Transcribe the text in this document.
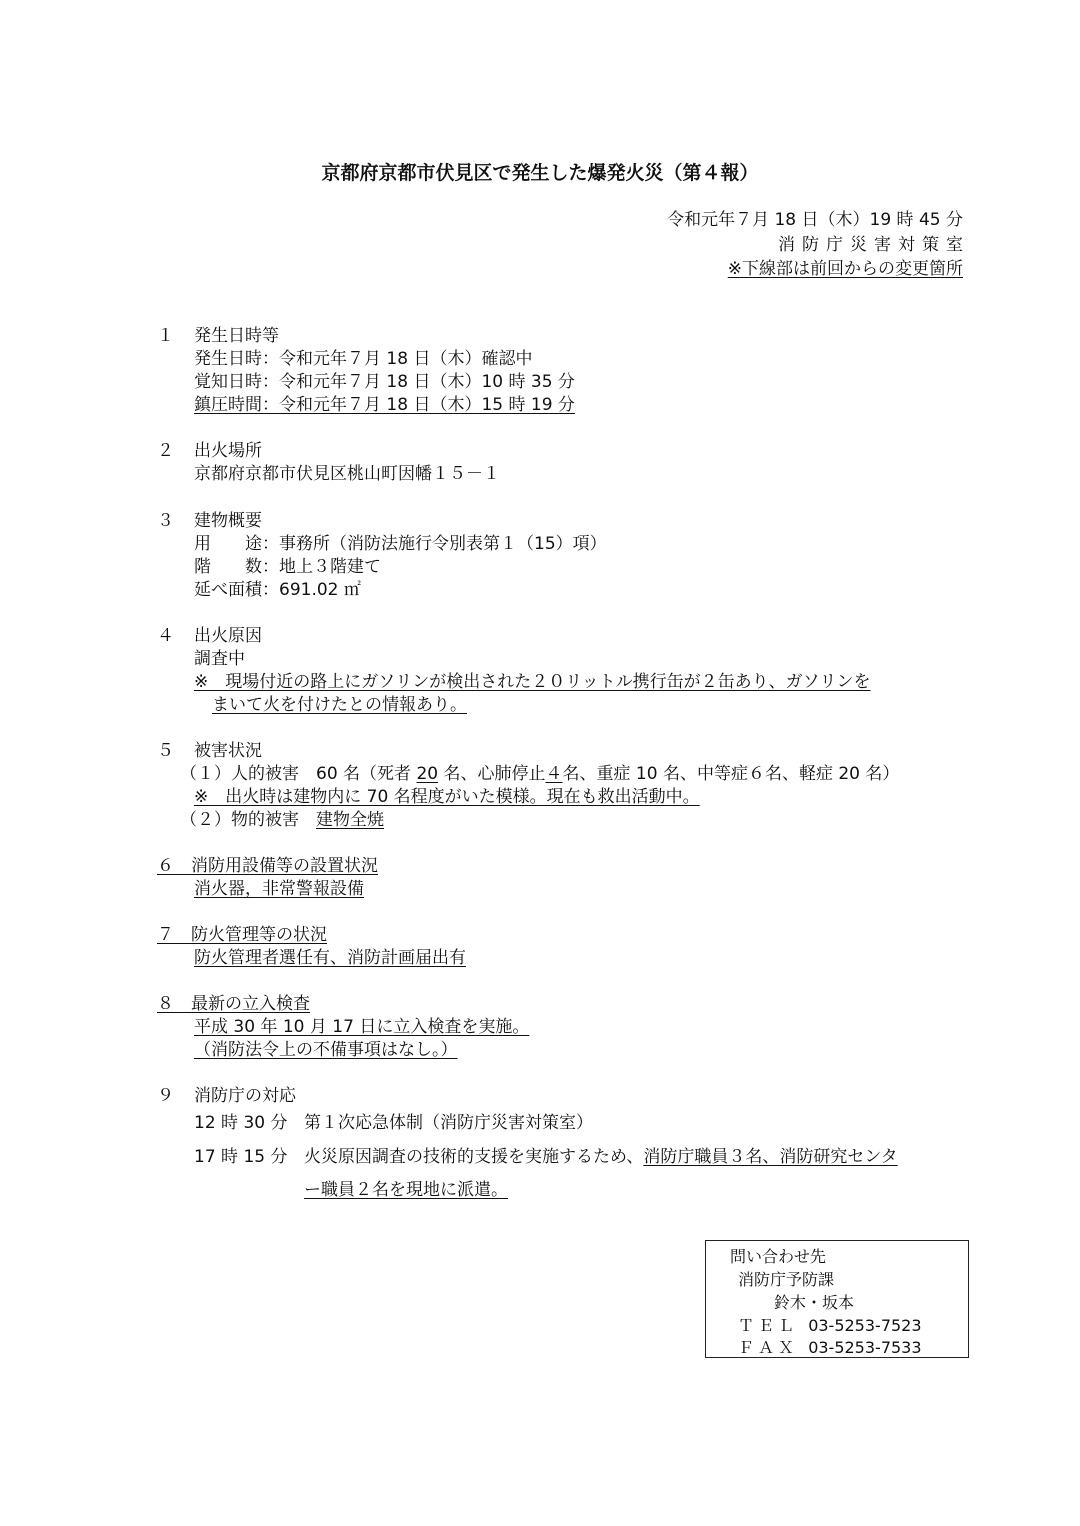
京都府京都市伏見区で発生した爆発火災（第４報）
令和元年７月 18 日（木）19 時 45 分
消防庁災害対策室
※下線部は前回からの変更箇所
１ 発生日時等
発生日時：令和元年７月 18 日（木）確認中
覚知日時：令和元年７月 18 日（木）10 時 35 分
鎮圧時間：令和元年７月 18 日（木）15 時 19 分
２ 出火場所
京都府京都市伏見区桃山町因幡１５－１
３ 建物概要
用　　途：事務所（消防法施行令別表第１（15）項）
階　　数：地上３階建て
延べ面積：691.02 ㎡
４ 出火原因
調査中
※　現場付近の路上にガソリンが検出された２０リットル携行缶が２缶あり、ガソリンを
まいて火を付けたとの情報あり。
５ 被害状況
（１）人的被害　60 名（死者 20 名、心肺停止４名、重症 10 名、中等症６名、軽症 20 名）
※　出火時は建物内に 70 名程度がいた模様。現在も救出活動中。
（２）物的被害　建物全焼
６　 消防用設備等の設置状況
消火器，非常警報設備
７　 防火管理等の状況
防火管理者選任有、消防計画届出有
８　 最新の立入検査
平成 30 年 10 月 17 日に立入検査を実施。
（消防法令上の不備事項はなし。）
９ 消防庁の対応
12 時 30 分 第１次応急体制（消防庁災害対策室）
17 時 15 分 火災原因調査の技術的支援を実施するため、消防庁職員３名、消防研究センタ
ー職員２名を現地に派遣。
問い合わせ先
消防庁予防課
鈴木・坂本
ＴＥＬ 03-5253-7523
ＦＡＸ 03-5253-7533
